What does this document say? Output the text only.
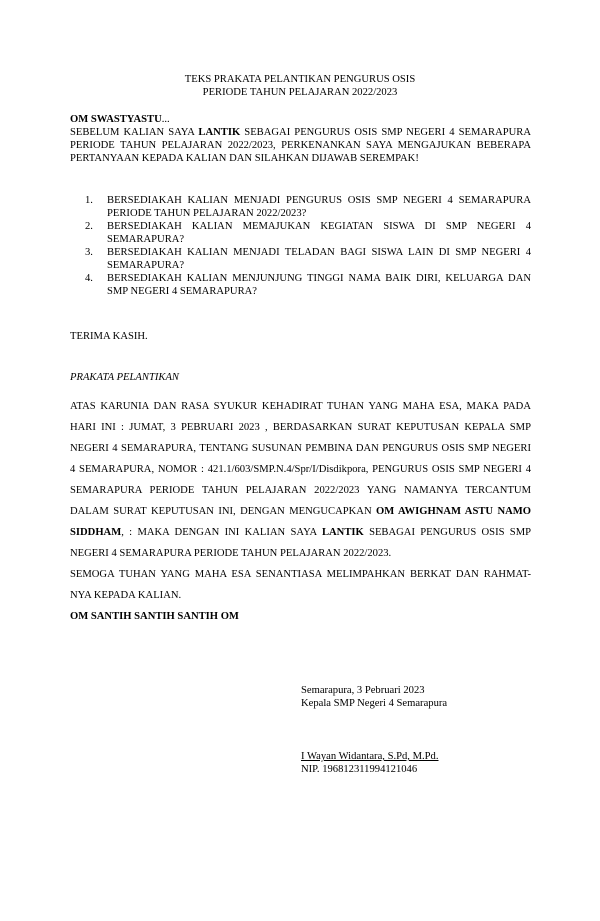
TEKS PRAKATA PELANTIKAN PENGURUS OSIS
PERIODE TAHUN PELAJARAN 2022/2023

OM SWASTYASTU...

SEBELUM KALIAN SAYA LANTIK SEBAGAI PENGURUS OSIS SMP NEGERI 4 SEMARAPURA PERIODE TAHUN PELAJARAN 2022/2023, PERKENANKAN SAYA MENGAJUKAN BEBERAPA PERTANYAAN KEPADA KALIAN DAN SILAHKAN DIJAWAB SEREMPAK!

1. BERSEDIAKAH KALIAN MENJADI PENGURUS OSIS SMP NEGERI 4 SEMARAPURA PERIODE TAHUN PELAJARAN 2022/2023?
2. BERSEDIAKAH KALIAN MEMAJUKAN KEGIATAN SISWA DI SMP NEGERI 4 SEMARAPURA?
3. BERSEDIAKAH KALIAN MENJADI TELADAN BAGI SISWA LAIN DI SMP NEGERI 4 SEMARAPURA?
4. BERSEDIAKAH KALIAN MENJUNJUNG TINGGI NAMA BAIK DIRI, KELUARGA DAN SMP NEGERI 4 SEMARAPURA?
TERIMA KASIH.
PRAKATA PELANTIKAN

ATAS KARUNIA DAN RASA SYUKUR KEHADIRAT TUHAN YANG MAHA ESA, MAKA PADA HARI INI : JUMAT, 3 PEBRUARI 2023 , BERDASARKAN SURAT KEPUTUSAN KEPALA SMP NEGERI 4 SEMARAPURA, TENTANG SUSUNAN PEMBINA DAN PENGURUS OSIS SMP NEGERI 4 SEMARAPURA, NOMOR : 421.1/603/SMP.N.4/Spr/I/Disdikpora, PENGURUS OSIS SMP NEGERI 4 SEMARAPURA PERIODE TAHUN PELAJARAN 2022/2023 YANG NAMANYA TERCANTUM DALAM SURAT KEPUTUSAN INI, DENGAN MENGUCAPKAN OM AWIGHNAM ASTU NAMO SIDDHAM, : MAKA DENGAN INI KALIAN SAYA LANTIK SEBAGAI PENGURUS OSIS SMP NEGERI 4 SEMARAPURA PERIODE TAHUN PELAJARAN 2022/2023.

SEMOGA TUHAN YANG MAHA ESA SENANTIASA MELIMPAHKAN BERKAT DAN RAHMAT-NYA KEPADA KALIAN.

OM SANTIH SANTIH SANTIH OM

Semarapura, 3 Pebruari 2023
Kepala SMP Negeri 4 Semarapura
I Wayan Widantara, S.Pd, M.Pd.
NIP. 196812311994121046
